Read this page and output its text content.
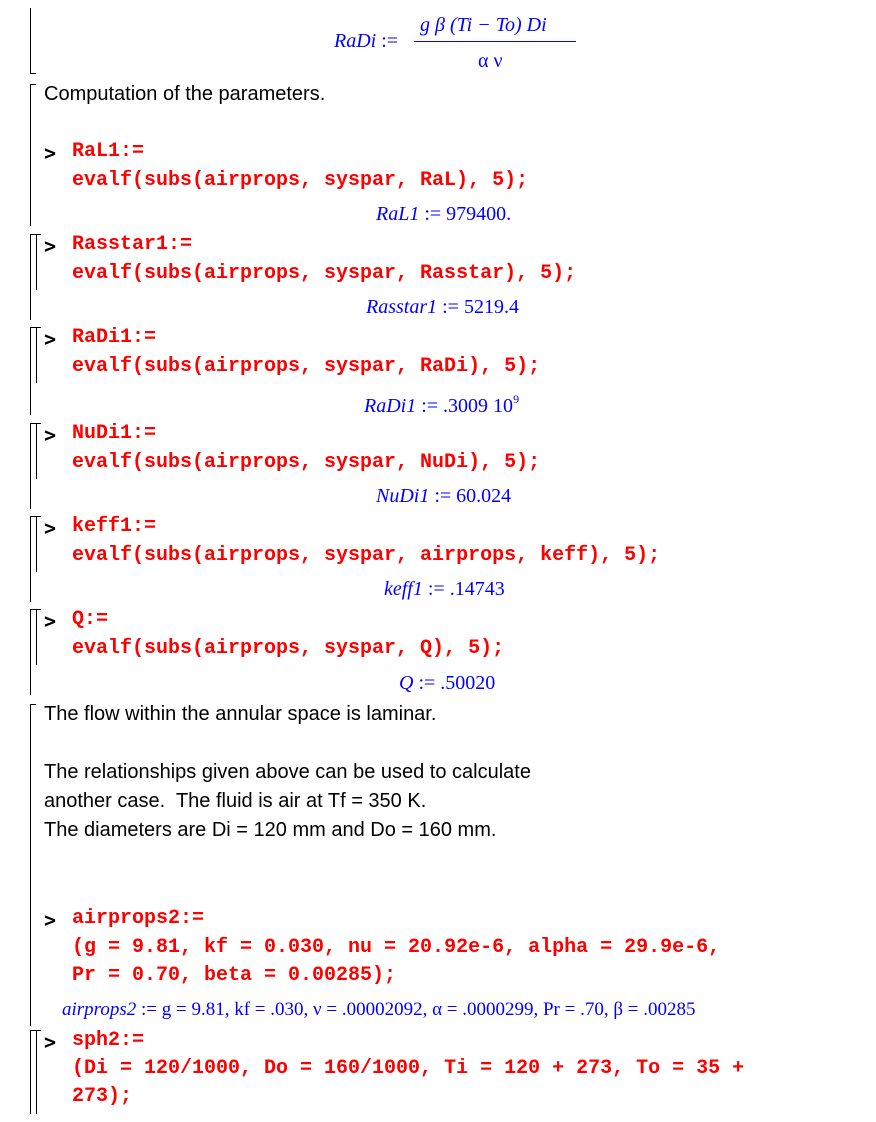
RaDi :=
g β (Ti − To) Di
α ν
Computation of the parameters.
> RaL1:=
evalf(subs(airprops, syspar, RaL), 5);
RaL1 := 979400.
> Rasstar1:=
evalf(subs(airprops, syspar, Rasstar), 5);
Rasstar1 := 5219.4
> RaDi1:=
evalf(subs(airprops, syspar, RaDi), 5);
RaDi1 := .3009 $10^9$
> NuDi1:=
evalf(subs(airprops, syspar, NuDi), 5);
NuDi1 := 60.024
> keff1:=
evalf(subs(airprops, syspar, airprops, keff), 5);
keff1 := .14743
> Q:=
evalf(subs(airprops, syspar, Q), 5);
Q := .50020
The flow within the annular space is laminar.
The relationships given above can be used to calculate
another case.  The fluid is air at Tf = 350 K.
The diameters are Di = 120 mm and Do = 160 mm.
> airprops2:=
(g = 9.81, kf = 0.030, nu = 20.92e-6, alpha = 29.9e-6,
Pr = 0.70, beta = 0.00285);
airprops2 := g = 9.81, kf = .030, ν = .00002092, α = .0000299, Pr = .70, β = .00285
> sph2:=
(Di = 120/1000, Do = 160/1000, Ti = 120 + 273, To = 35 +
273);
